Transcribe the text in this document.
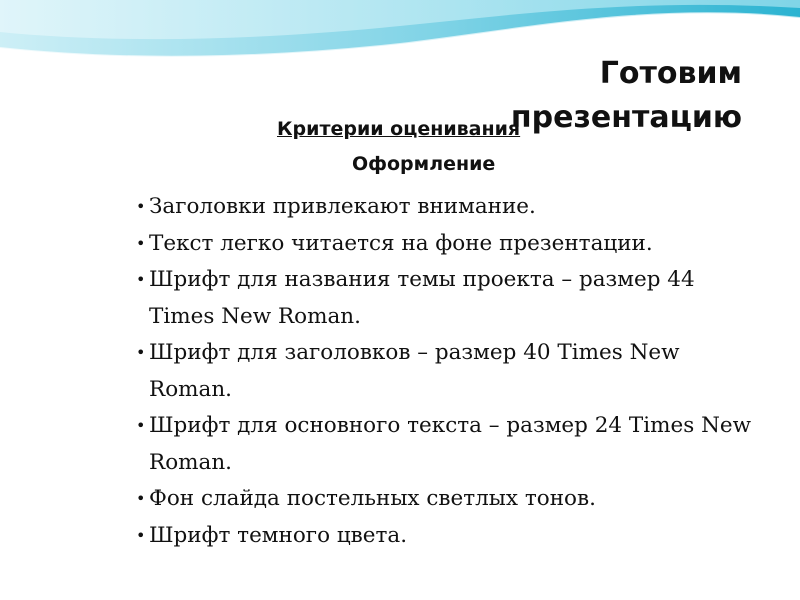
Готовим презентацию
Критерии оценивания
Оформление
• Заголовки привлекают внимание.
• Текст легко читается на фоне презентации.
• Шрифт для названия темы проекта – размер 44 Times New Roman.
• Шрифт для заголовков – размер 40 Times New Roman.
• Шрифт для основного текста – размер 24 Times New Roman.
• Фон слайда постельных светлых тонов.
• Шрифт темного цвета.
